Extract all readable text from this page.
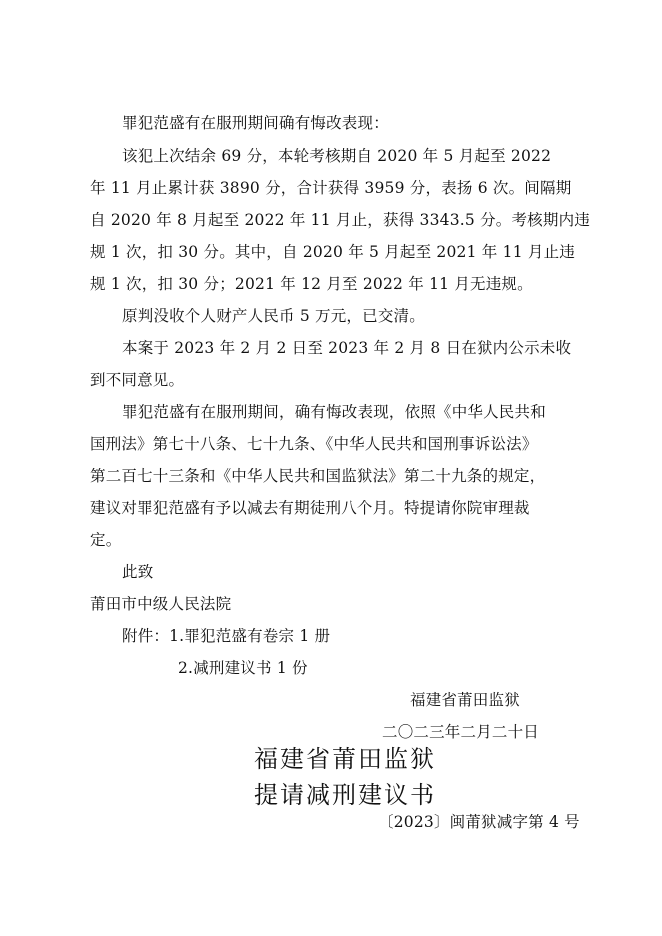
罪犯范盛有在服刑期间确有悔改表现：
该犯上次结余 69 分，本轮考核期自 2020 年 5 月起至 2022
年 11 月止累计获 3890 分，合计获得 3959 分，表扬 6 次。间隔期
自 2020 年 8 月起至 2022 年 11 月止，获得 3343.5 分。考核期内违
规 1 次，扣 30 分。其中，自 2020 年 5 月起至 2021 年 11 月止违
规 1 次，扣 30 分；2021 年 12 月至 2022 年 11 月无违规。
原判没收个人财产人民币 5 万元，已交清。
本案于 2023 年 2 月 2 日至 2023 年 2 月 8 日在狱内公示未收
到不同意见。
罪犯范盛有在服刑期间，确有悔改表现，依照《中华人民共和
国刑法》第七十八条、七十九条、《中华人民共和国刑事诉讼法》
第二百七十三条和《中华人民共和国监狱法》第二十九条的规定，
建议对罪犯范盛有予以减去有期徒刑八个月。特提请你院审理裁
定。
此致
莆田市中级人民法院
附件：1.罪犯范盛有卷宗 1 册
2.减刑建议书 1 份
福建省莆田监狱
二〇二三年二月二十日
福建省莆田监狱
提请减刑建议书
〔2023〕闽莆狱减字第 4 号
